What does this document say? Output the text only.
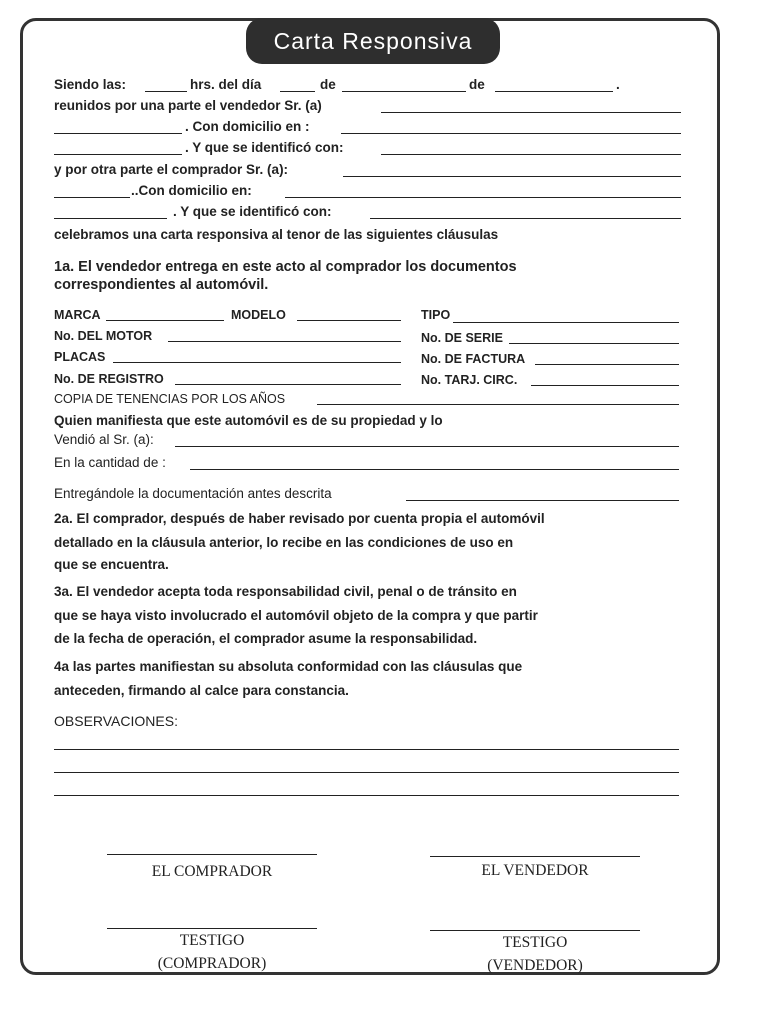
Carta Responsiva
Siendo las:	hrs. del día	de	de	.
reunidos por una parte el vendedor Sr. (a)
. Con domicilio en :
. Y que se identificó con:
y por otra parte el comprador Sr. (a):
..Con domicilio en:
. Y que se identificó con:
celebramos una carta responsiva al tenor de las siguientes cláusulas
1a. El vendedor entrega en este acto al comprador los documentos
correspondientes al automóvil.
MARCA	MODELO	TIPO
No. DEL MOTOR	No. DE SERIE
PLACAS	No. DE FACTURA
No. DE REGISTRO	No. TARJ. CIRC.
COPIA DE TENENCIAS POR LOS AÑOS
Quien manifiesta que este automóvil es de su propiedad y lo
Vendió al Sr. (a):
En la cantidad de :
Entregándole la documentación antes descrita
2a. El comprador, después de haber revisado por cuenta propia el automóvil
detallado en la cláusula anterior, lo recibe en las condiciones de uso en
que se encuentra.
3a. El vendedor acepta toda responsabilidad civil, penal o de tránsito en
que se haya visto involucrado el automóvil objeto de la compra y que partir
de la fecha de operación, el comprador asume la responsabilidad.
4a las partes manifiestan su absoluta conformidad con las cláusulas que
anteceden, firmando al calce para constancia.
OBSERVACIONES:
EL COMPRADOR	EL VENDEDOR
TESTIGO
(COMPRADOR)
TESTIGO
(VENDEDOR)
